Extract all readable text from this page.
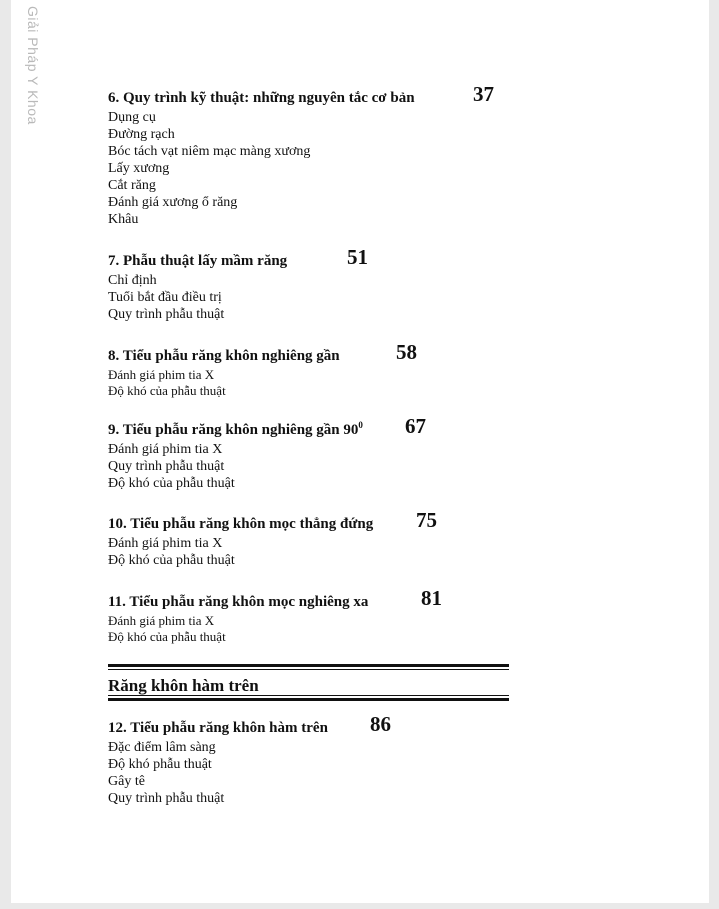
Giải Pháp Y Khoa	6. Quy trình kỹ thuật: những nguyên tắc cơ bản	37
Dụng cụ
Đường rạch
Bóc tách vạt niêm mạc màng xương
Lấy xương
Cắt răng
Đánh giá xương ổ răng
Khâu
7. Phẫu thuật lấy mầm răng	51
Chỉ định
Tuổi bắt đầu điều trị
Quy trình phẫu thuật
8. Tiểu phẫu răng khôn nghiêng gần	58
Đánh giá phim tia X
Độ khó của phẫu thuật
9. Tiểu phẫu răng khôn nghiêng gần $90^0$ 67
Đánh giá phim tia X
Quy trình phẫu thuật
Độ khó của phẫu thuật
10. Tiểu phẫu răng khôn mọc thẳng đứng 75
Đánh giá phim tia X
Độ khó của phẫu thuật
11. Tiểu phẫu răng khôn mọc nghiêng xa	81
Đánh giá phim tia X
Độ khó của phẫu thuật
Răng khôn hàm trên
12. Tiểu phẫu răng khôn hàm trên 86
Đặc điểm lâm sàng
Độ khó phẫu thuật
Gây tê
Quy trình phẫu thuật
